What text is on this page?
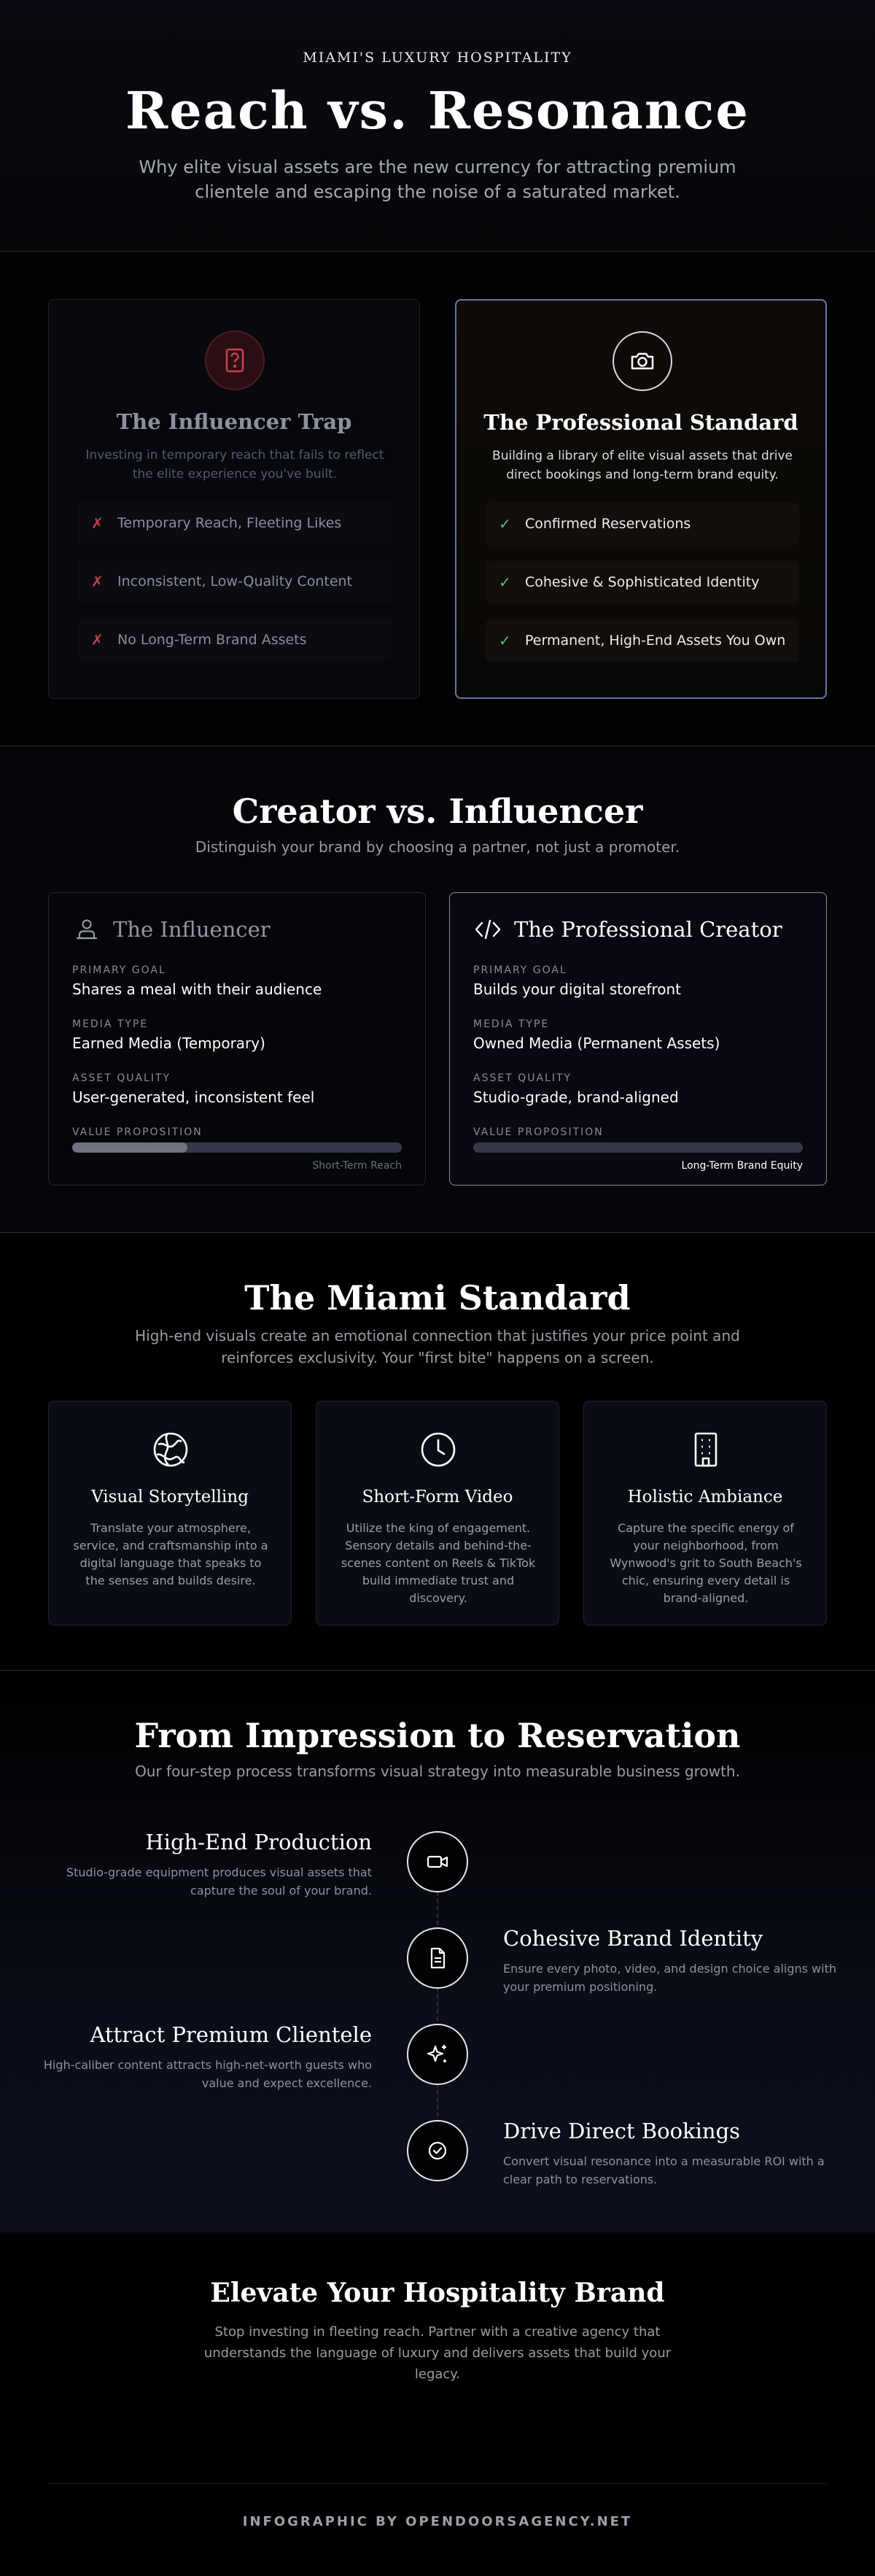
MIAMI'S LUXURY HOSPITALITY
Reach vs. Resonance

Why elite visual assets are the new currency for attracting premium clientele and escaping the noise of a saturated market.

The Influencer Trap

Investing in temporary reach that fails to reflect the elite experience you've built.

✗	Temporary Reach, Fleeting Likes
✗	Inconsistent, Low-Quality Content
✗	No Long-Term Brand Assets
The Professional Standard

Building a library of elite visual assets that drive direct bookings and long-term brand equity.

✓	Confirmed Reservations
✓	Cohesive & Sophisticated Identity
✓	Permanent, High-End Assets You Own
Creator vs. Influencer

Distinguish your brand by choosing a partner, not just a promoter.

The Influencer
PRIMARY GOAL
Shares a meal with their audience
MEDIA TYPE
Earned Media (Temporary)
ASSET QUALITY
User-generated, inconsistent feel
VALUE PROPOSITION
Short-Term Reach
The Professional Creator
PRIMARY GOAL
Builds your digital storefront
MEDIA TYPE
Owned Media (Permanent Assets)
ASSET QUALITY
Studio-grade, brand-aligned
VALUE PROPOSITION
Long-Term Brand Equity
The Miami Standard

High-end visuals create an emotional connection that justifies your price point and reinforces exclusivity. Your "first bite" happens on a screen.

Visual Storytelling
Translate your atmosphere, service, and craftsmanship into a digital language that speaks to the senses and builds desire.
Short-Form Video
Utilize the king of engagement. Sensory details and behind-the-scenes content on Reels & TikTok build immediate trust and discovery.
Holistic Ambiance
Capture the specific energy of your neighborhood, from Wynwood's grit to South Beach's chic, ensuring every detail is brand-aligned.
From Impression to Reservation

Our four-step process transforms visual strategy into measurable business growth.

High-End Production
Studio-grade equipment produces visual assets that capture the soul of your brand.
Cohesive Brand Identity
Ensure every photo, video, and design choice aligns with your premium positioning.
Attract Premium Clientele
High-caliber content attracts high-net-worth guests who value and expect excellence.
Drive Direct Bookings
Convert visual resonance into a measurable ROI with a clear path to reservations.
Elevate Your Hospitality Brand

Stop investing in fleeting reach. Partner with a creative agency that understands the language of luxury and delivers assets that build your legacy.

INFOGRAPHIC BY OPENDOORSAGENCY.NET
